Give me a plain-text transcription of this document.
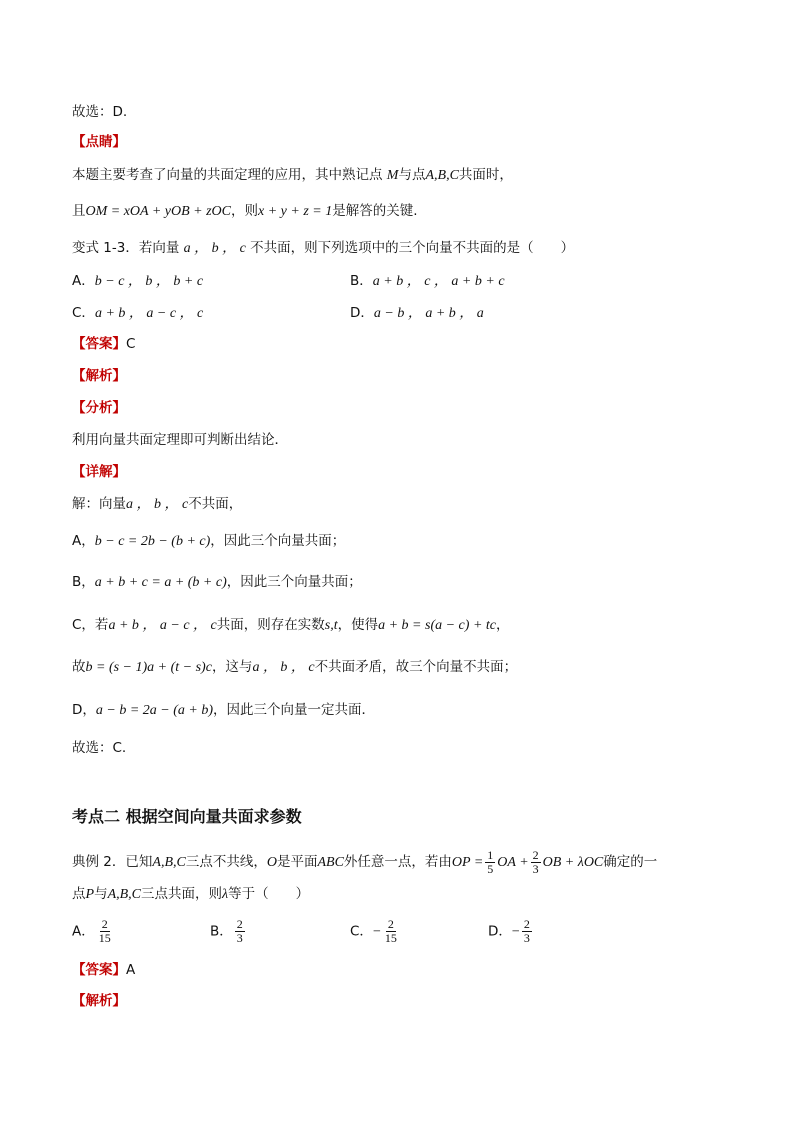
故选：D.
【点睛】
本题主要考查了向量的共面定理的应用，其中熟记点 M与点A,B,C共面时，
且OM = xOA + yOB + zOC，则x + y + z = 1是解答的关键.
变式 1-3．若向量 a ， b ， c 不共面，则下列选项中的三个向量不共面的是（　　）
A．b − c ， b ， b + c	B．a + b ， c ， a + b + c
C．a + b ， a − c ， c	D．a − b ， a + b ， a
【答案】C
【解析】
【分析】
利用向量共面定理即可判断出结论．
【详解】
解：向量a ， b ， c不共面，
A，b − c = 2b − (b + c)，因此三个向量共面；
B，a + b + c = a + (b + c)，因此三个向量共面；
C，若a + b ， a − c ， c共面，则存在实数s,t，使得a + b = s(a − c) + tc，
故b = (s − 1)a + (t − s)c，这与a ， b ， c不共面矛盾，故三个向量不共面；
D，a − b = 2a − (a + b)，因此三个向量一定共面．
故选：C.
考点二 根据空间向量共面求参数
典例 2．已知A,B,C三点不共线，O是平面ABC外任意一点，若由OP = $\frac{1}{5}$ OA + $\frac{2}{3}$ OB + λOC确定的一
点P与A,B,C三点共面，则λ等于（　　）
A． $\frac{2}{15}$	B． $\frac{2}{3}$	C．− $\frac{2}{15}$	D．− $\frac{2}{3}$
【答案】A
【解析】
